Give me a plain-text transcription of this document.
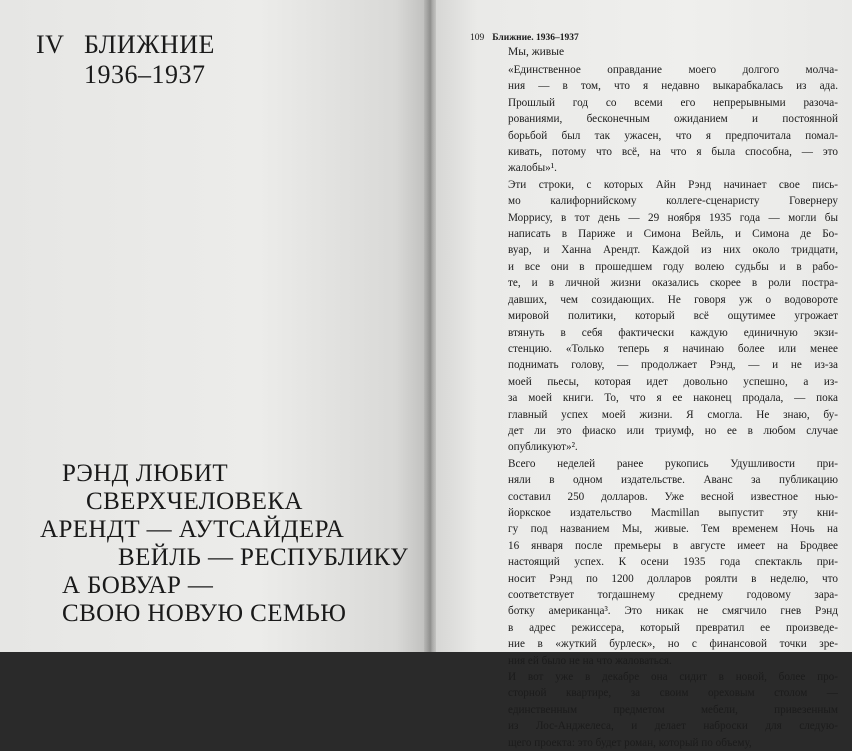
IV БЛИЖНИЕ
1936–1937
РЭНД ЛЮБИТ
СВЕРХЧЕЛОВЕКА
АРЕНДТ — АУТСАЙДЕРА
ВЕЙЛЬ — РЕСПУБЛИКУ
А БОВУАР —
СВОЮ НОВУЮ СЕМЬЮ
109 Ближние. 1936–1937
Мы, живые
«Единственное оправдание моего долгого молча-
ния — в том, что я недавно выкарабкалась из ада.
Прошлый год со всеми его непрерывными разоча-
рованиями, бесконечным ожиданием и постоянной
борьбой был так ужасен, что я предпочитала помал-
кивать, потому что всё, на что я была способна, — это
жалобы»¹.
Эти строки, с которых Айн Рэнд начинает свое пись-
мо калифорнийскому коллеге-сценаристу Говернеру
Моррису, в тот день — 29 ноября 1935 года — могли бы
написать в Париже и Симона Вейль, и Симона де Бо-
вуар, и Ханна Арендт. Каждой из них около тридцати,
и все они в прошедшем году волею судьбы и в рабо-
те, и в личной жизни оказались скорее в роли постра-
давших, чем созидающих. Не говоря уж о водовороте
мировой политики, который всё ощутимее угрожает
втянуть в себя фактически каждую единичную экзи-
стенцию. «Только теперь я начинаю более или менее
поднимать голову, — продолжает Рэнд, — и не из-за
моей пьесы, которая идет довольно успешно, а из-
за моей книги. То, что я ее наконец продала, — пока
главный успех моей жизни. Я смогла. Не знаю, бу-
дет ли это фиаско или триумф, но ее в любом случае
опубликуют»².
Всего неделей ранее рукопись Удушливости при-
няли в одном издательстве. Аванс за публикацию
составил 250 долларов. Уже весной известное нью-
йоркское издательство Macmillan выпустит эту кни-
гу под названием Мы, живые. Тем временем Ночь на
16 января после премьеры в августе имеет на Бродвее
настоящий успех. К осени 1935 года спектакль при-
носит Рэнд по 1200 долларов роялти в неделю, что
соответствует тогдашнему среднему годовому зара-
ботку американца³. Это никак не смягчило гнев Рэнд
в адрес режиссера, который превратил ее произведе-
ние в «жуткий бурлеск», но с финансовой точки зре-
ния ей было не на что жаловаться.
И вот уже в декабре она сидит в новой, более про-
сторной квартире, за своим ореховым столом —
единственным предметом мебели, привезенным
из Лос-Анджелеса, и делает наброски для следую-
щего проекта: это будет роман, который по объему,
